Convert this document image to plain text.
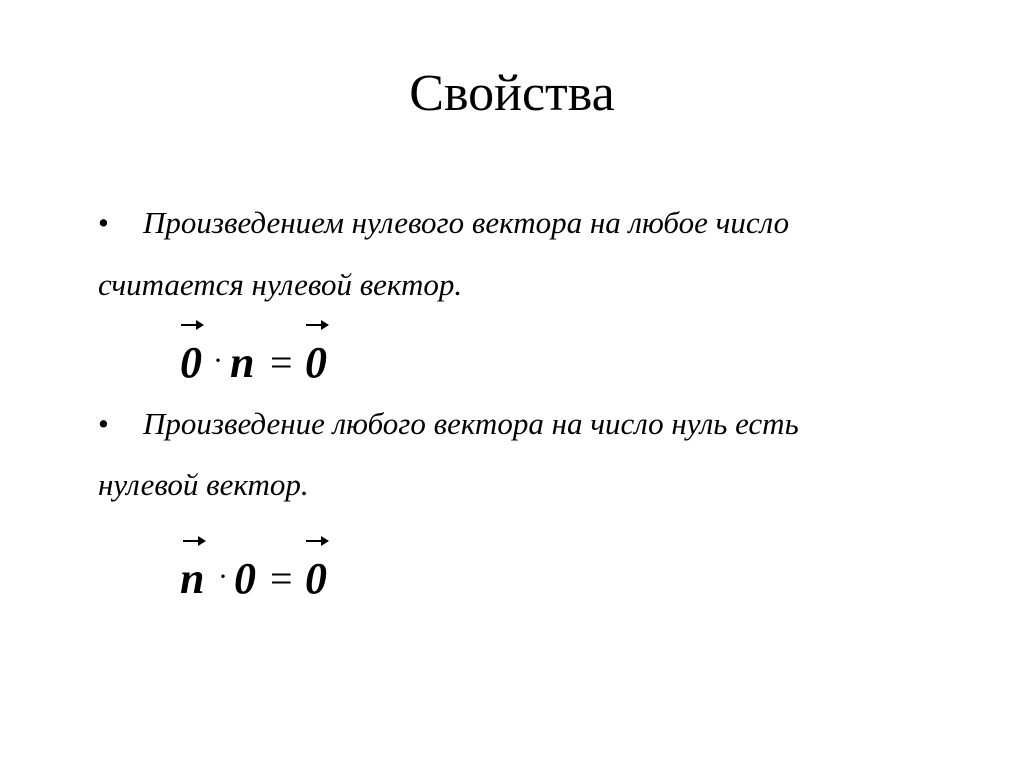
Свойства
• Произведением нулевого вектора на любое число
считается нулевой вектор.
0 · n = 0
• Произведение любого вектора на число нуль есть
нулевой вектор.
n · 0 = 0
